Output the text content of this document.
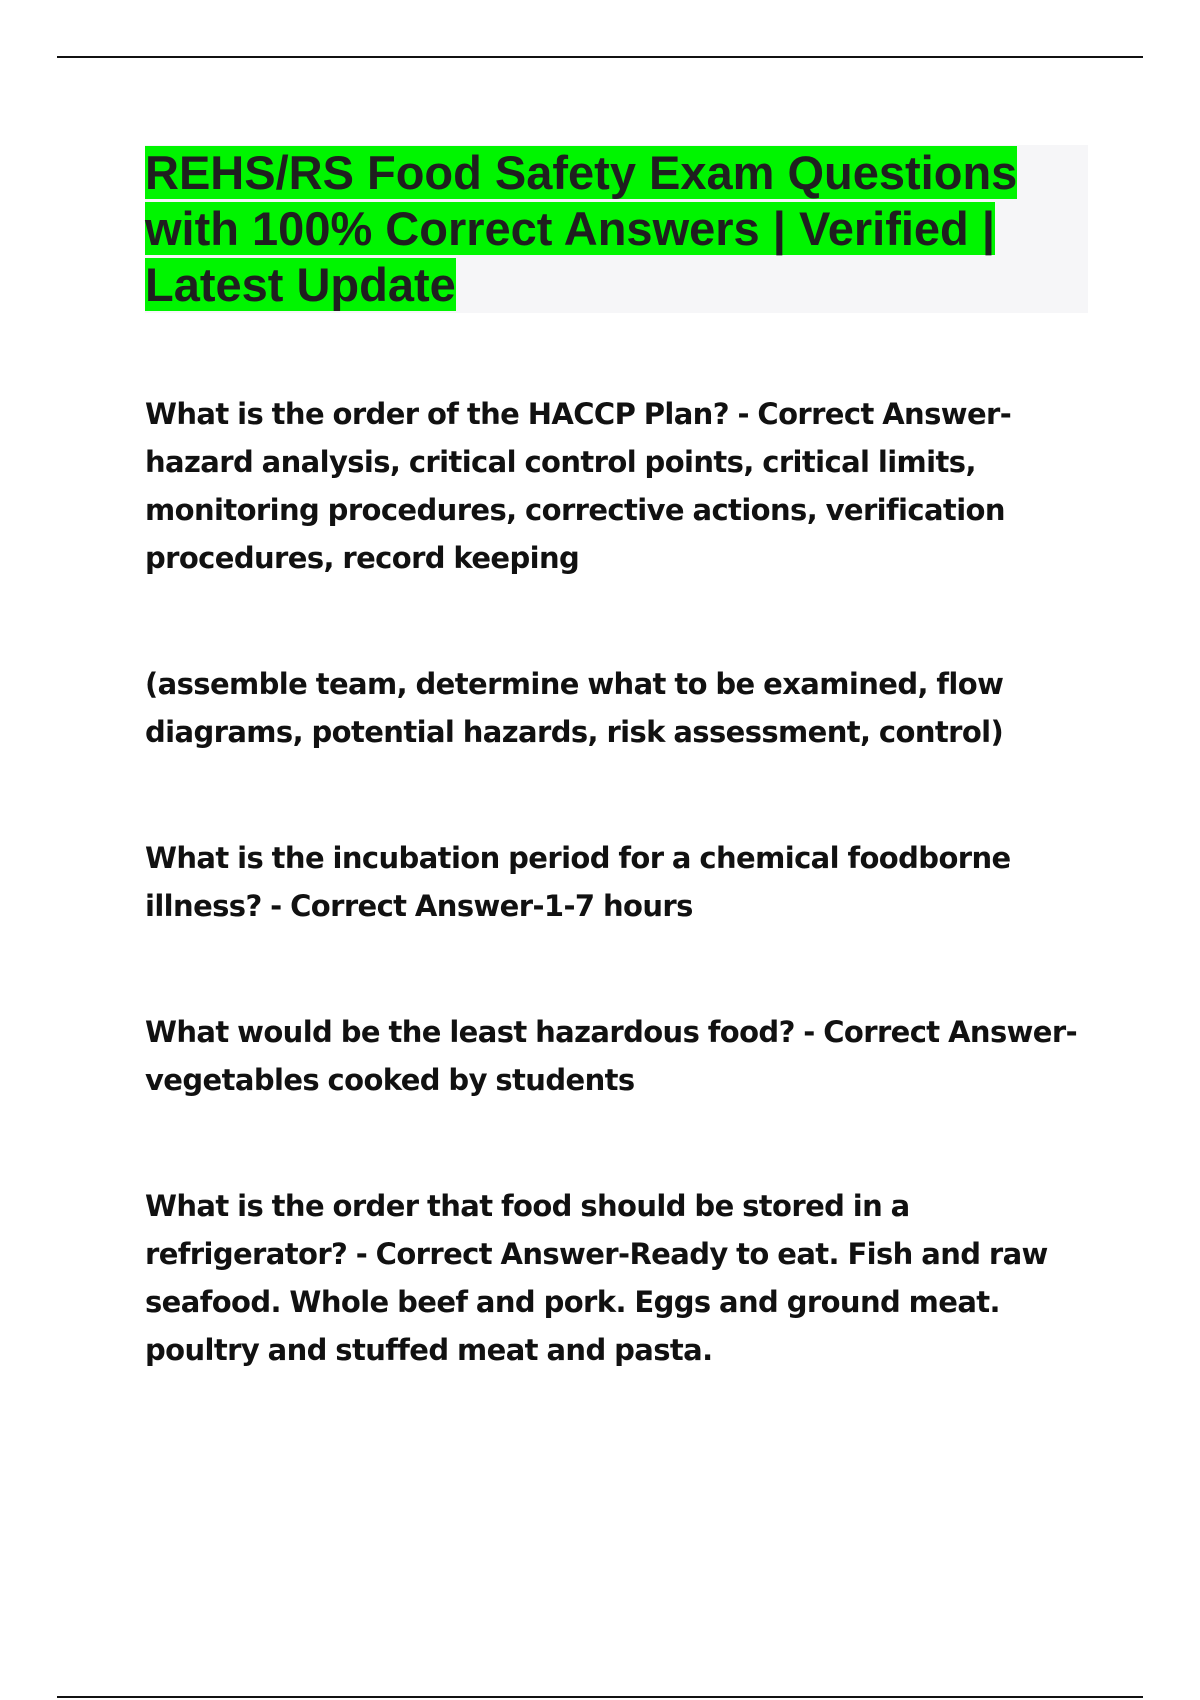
REHS/RS Food Safety Exam Questions with 100% Correct Answers | Verified | Latest Update

What is the order of the HACCP Plan? - Correct Answer-hazard analysis, critical control points, critical limits, monitoring procedures, corrective actions, verification procedures, record keeping

(assemble team, determine what to be examined, flow diagrams, potential hazards, risk assessment, control)

What is the incubation period for a chemical foodborne illness? - Correct Answer-1-7 hours

What would be the least hazardous food? - Correct Answer-vegetables cooked by students

What is the order that food should be stored in a refrigerator? - Correct Answer-Ready to eat. Fish and raw seafood. Whole beef and pork. Eggs and ground meat. poultry and stuffed meat and pasta.
